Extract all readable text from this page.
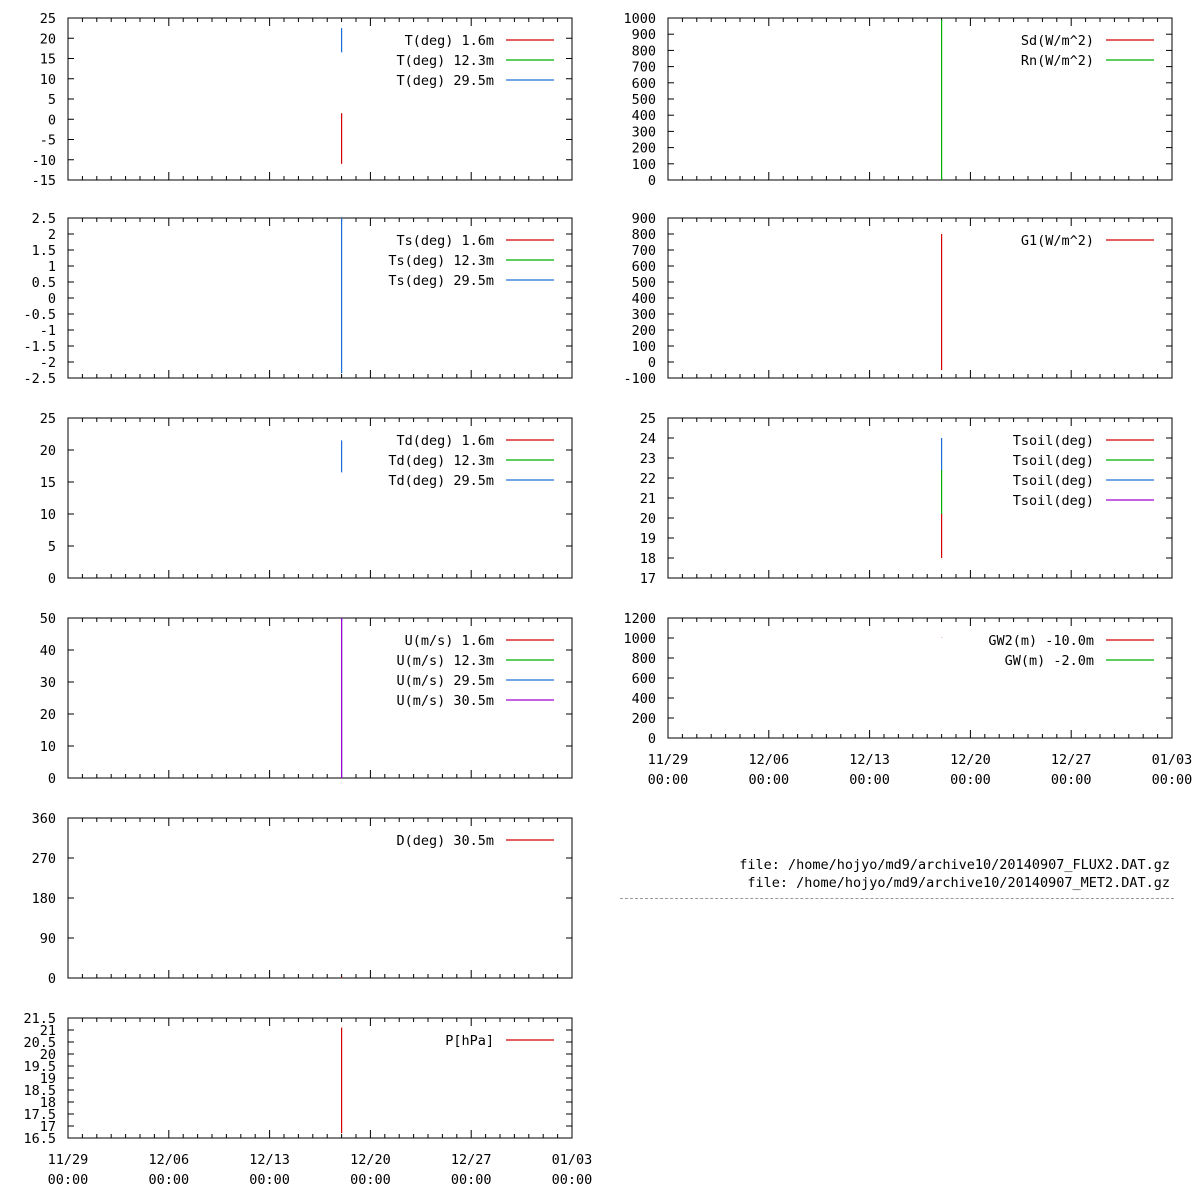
25
20
15
10
5
0
-5
-10
-15
T(deg) 1.6m
T(deg) 12.3m
T(deg) 29.5m
1000
900
800
700
600
500
400
300
200
100
0
Sd(W/m^2)
Rn(W/m^2)
2.5
2
1.5
1
0.5
0
-0.5
-1
-1.5
-2
-2.5
Ts(deg) 1.6m
Ts(deg) 12.3m
Ts(deg) 29.5m
900
800
700
600
500
400
300
200
100
0
-100
G1(W/m^2)
25
20
15
10
5
0
Td(deg) 1.6m
Td(deg) 12.3m
Td(deg) 29.5m
25
24
23
22
21
20
19
18
17
Tsoil(deg)
Tsoil(deg)
Tsoil(deg)
Tsoil(deg)
50
40
30
20
10
0
U(m/s) 1.6m
U(m/s) 12.3m
U(m/s) 29.5m
U(m/s) 30.5m
1200
1000
800
600
400
200
0
11/29
00:00
12/06
00:00
12/13
00:00
12/20
00:00
12/27
00:00
01/03
00:00
GW2(m) -10.0m
GW(m) -2.0m
360
270
180
90
0
D(deg) 30.5m
21.5
21
20.5
20
19.5
19
18.5
18
17.5
17
16.5
11/29
00:00
12/06
00:00
12/13
00:00
12/20
00:00
12/27
00:00
01/03
00:00
P[hPa]
file: /home/hojyo/md9/archive10/20140907_FLUX2.DAT.gz
file: /home/hojyo/md9/archive10/20140907_MET2.DAT.gz
